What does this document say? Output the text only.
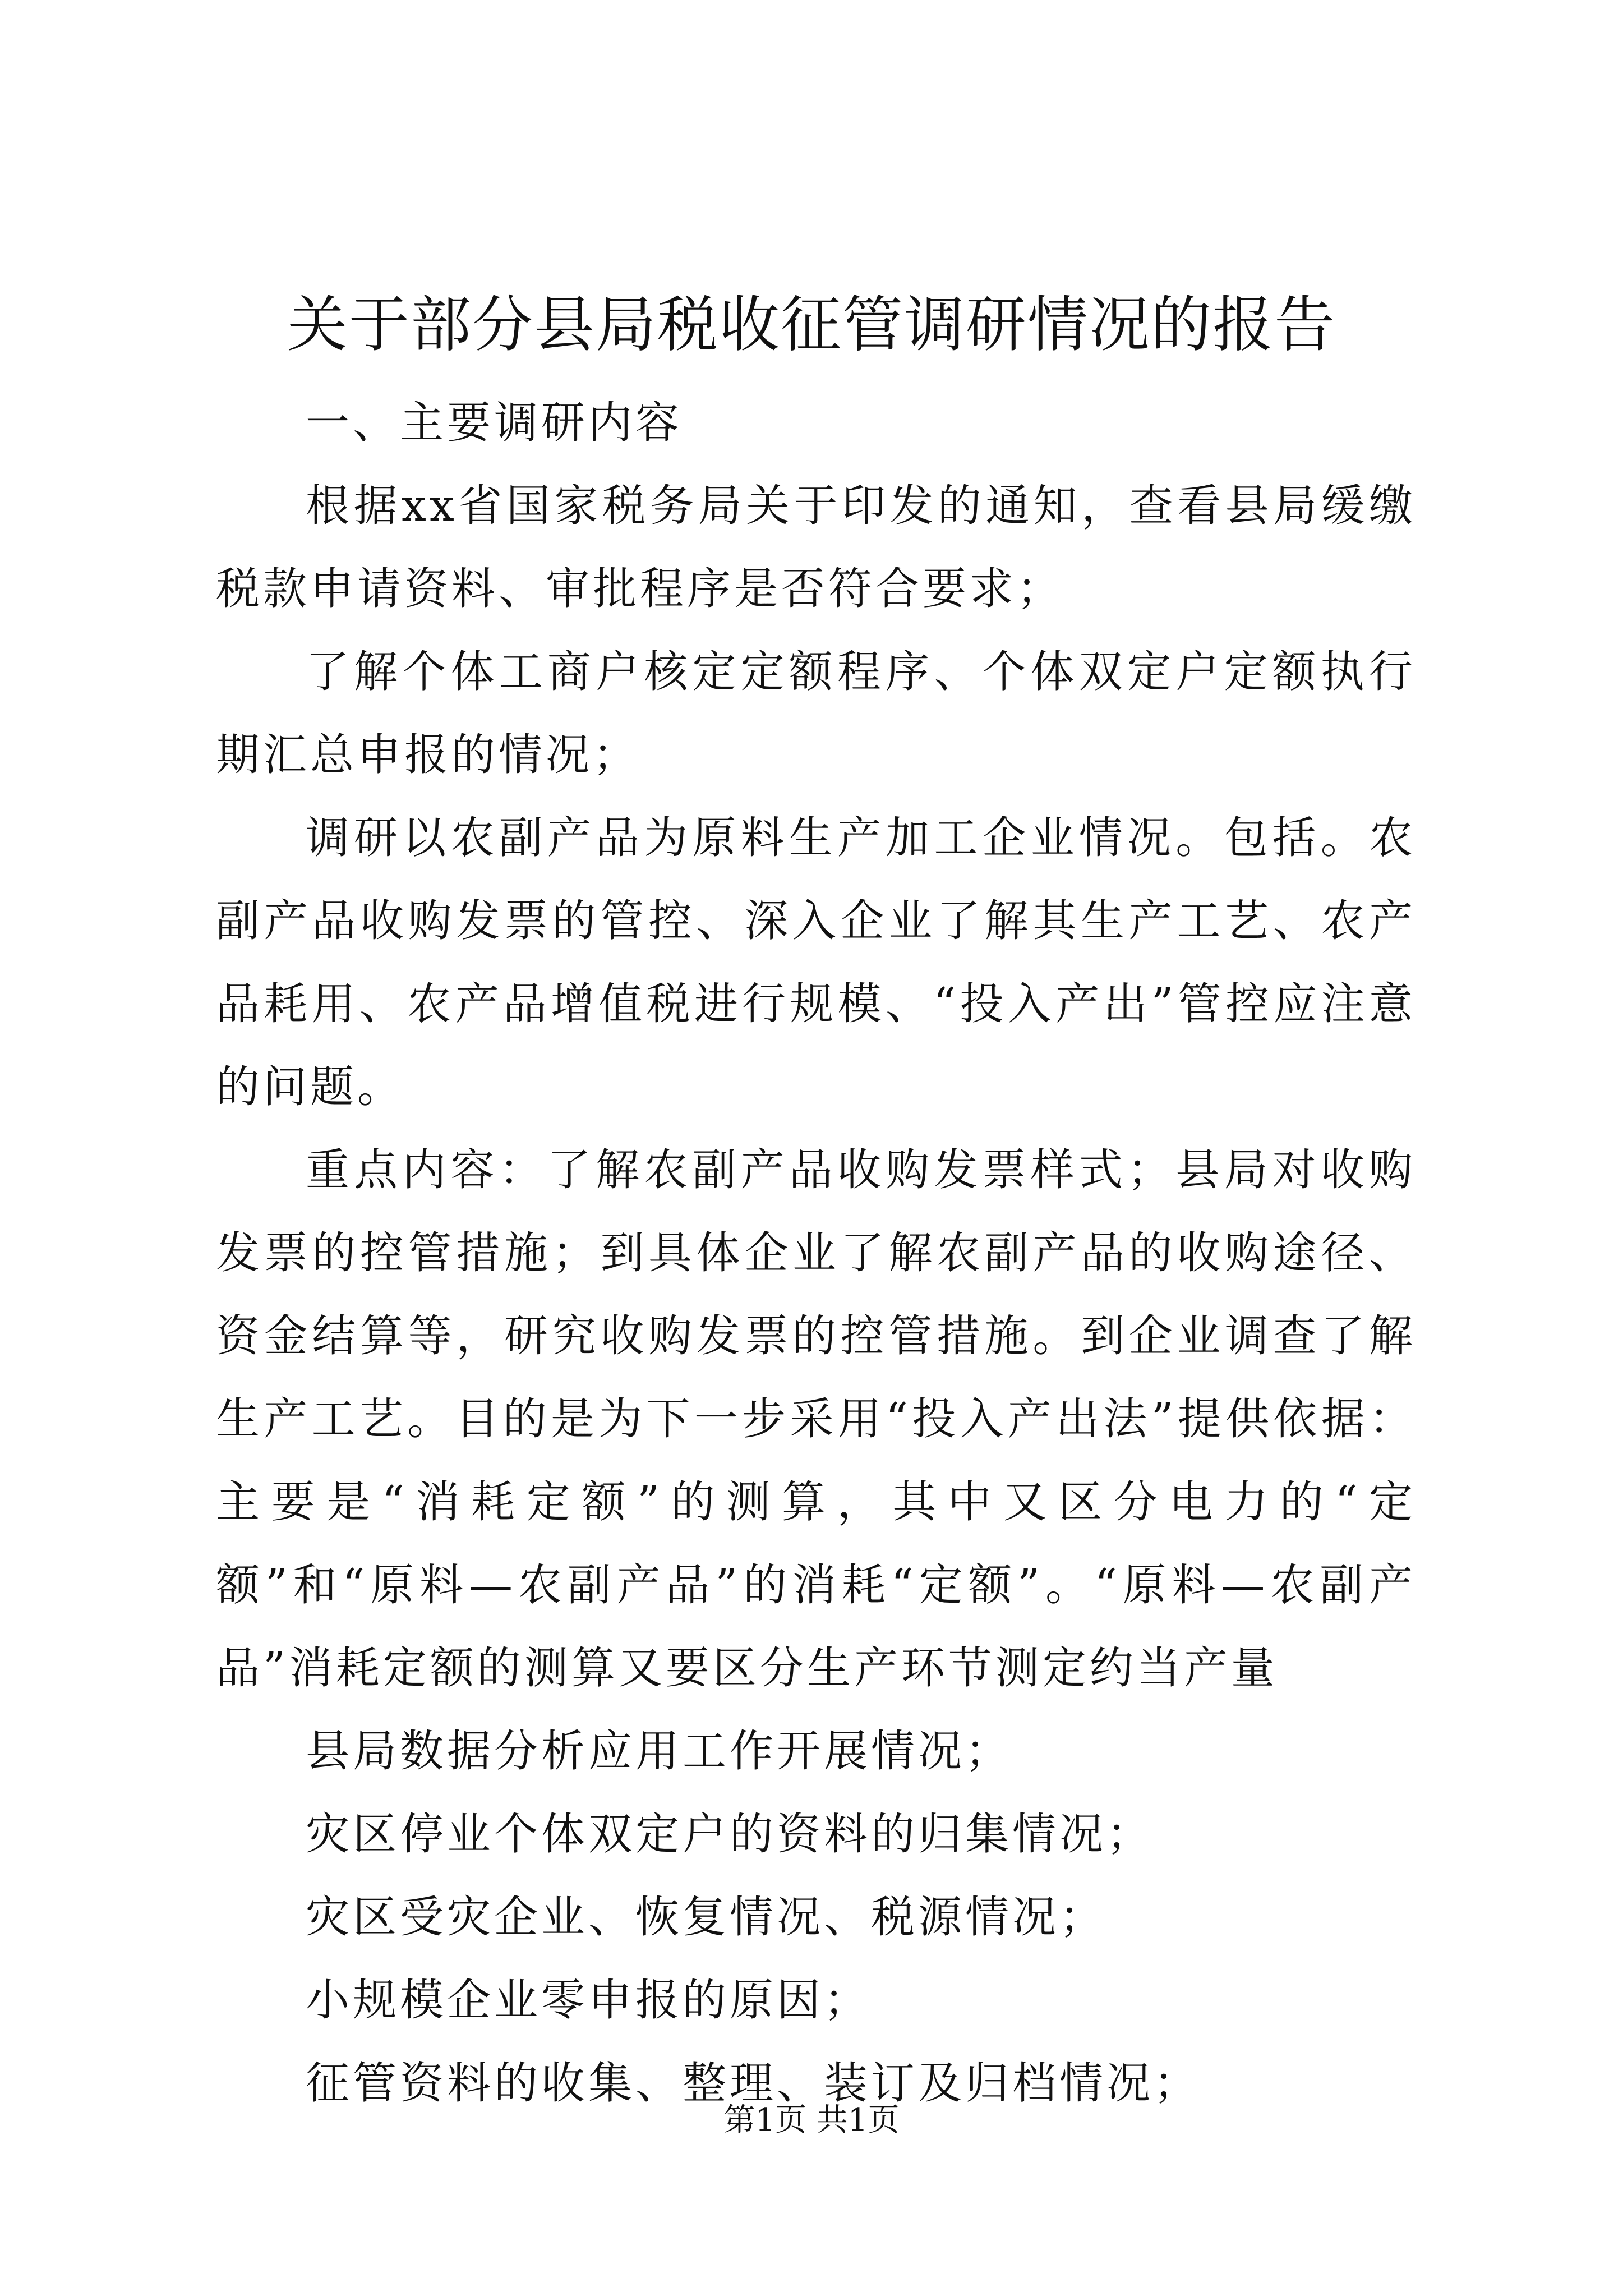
关于部分县局税收征管调研情况的报告

一、主要调研内容

根据xx省国家税务局关于印发的通知，查看县局缓缴税款申请资料、审批程序是否符合要求；

了解个体工商户核定定额程序、个体双定户定额执行期汇总申报的情况；

调研以农副产品为原料生产加工企业情况。包括。农副产品收购发票的管控、深入企业了解其生产工艺、农产品耗用、农产品增值税进行规模、“投入产出”管控应注意的问题。

重点内容：了解农副产品收购发票样式；县局对收购发票的控管措施；到具体企业了解农副产品的收购途径、资金结算等，研究收购发票的控管措施。到企业调查了解生产工艺。目的是为下一步采用“投入产出法”提供依据：主要是“消耗定额”的测算，其中又区分电力的“定额”和“原料—农副产品”的消耗“定额”。“原料—农副产品”消耗定额的测算又要区分生产环节测定约当产量

县局数据分析应用工作开展情况；

灾区停业个体双定户的资料的归集情况；

灾区受灾企业、恢复情况、税源情况；

小规模企业零申报的原因；

征管资料的收集、整理、装订及归档情况；

第1页 共1页
